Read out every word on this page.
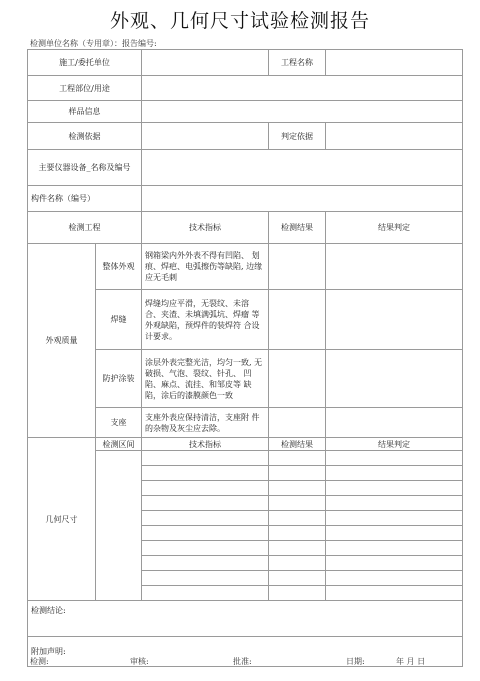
外观、几何尺寸试验检测报告
检测单位名称（专用章）：报告编号:
施工/委托单位			工程名称	
工程部位/用途				
样品信息				
检测依据			判定依据	
主要仪器设备_名称及编号				
构件名称（编号）				
检测工程		技术指标	检测结果	结果判定
外观质量	整体外观	钢箱梁内外外表不得有凹陷、 划痕、焊疤、电弧擦伤等缺陷, 边缘应无毛刺		
	焊缝	焊缝均应平滑，无裂纹、未溶 合、夹渣、未填满弧坑、焊瘤 等外观缺陷，预焊件的装焊符 合设计要求。		
	防护涂装	涂层外表完整光洁，均匀一致, 无破损、气泡、裂纹、针孔、 凹陷、麻点、流挂、和邹皮等 缺陷，涂后的漆膜颜色一致		
	支座	支座外表应保持清洁，支座附 件的杂物及灰尘应去除。		
几何尺寸	检测区间	技术指标	检测结果	结果判定

检测结论:				
附加声明:				
检测:	审核:	批准:	日期:	年 月 日
